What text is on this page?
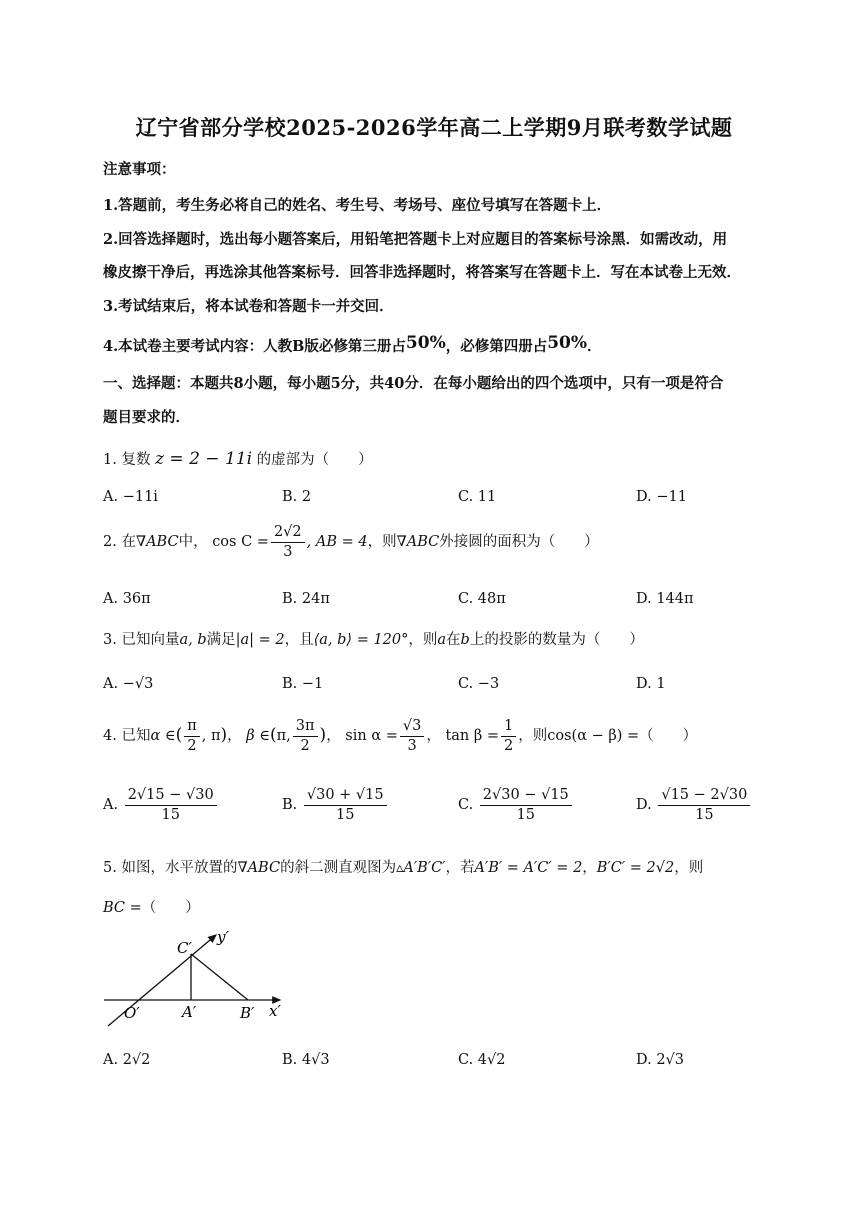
辽宁省部分学校2025-2026学年高二上学期9月联考数学试题
注意事项：
1.答题前，考生务必将自己的姓名、考生号、考场号、座位号填写在答题卡上．
2.回答选择题时，选出每小题答案后，用铅笔把答题卡上对应题目的答案标号涂黑．如需改动，用
橡皮擦干净后，再选涂其他答案标号．回答非选择题时，将答案写在答题卡上．写在本试卷上无效．
3.考试结束后，将本试卷和答题卡一并交回．
4.本试卷主要考试内容：人教B版必修第三册占50%，必修第四册占50%．
一、选择题：本题共8小题，每小题5分，共40分．在每小题给出的四个选项中，只有一项是符合
题目要求的．
1. 复数 z = 2 − 11i 的虚部为（　　）
A. −11i	B. 2	C. 11	D. −11
2. 在∇ABC中， $\cos C = \frac{2√2}{3}$ , AB = 4，则∇ABC外接圆的面积为（　　）
A. 36π	B. 24π	C. 48π	D. 144π
3. 已知向量a, b满足|a| = 2，且⟨a, b⟩ = 120°，则a在b上的投影的数量为（　　）
A. −√3	B. −1	C. −3	D. 1
4. 已知α ∈( $\frac{\pi}{2}$ , π)， β ∈(π, $\frac{3\pi}{2}$ )， $\sin \alpha = \frac{√3}{3}$ ， $\tan \beta = \frac{1}{2}$ ，则cos(α − β) =（　　）
A. $\frac{2√15 - √30}{15}$	B. $\frac{√30 + √15}{15}$	C. $\frac{2√30 - √15}{15}$	D. $\frac{√15 - 2√30}{15}$
5. 如图，水平放置的∇ABC的斜二测直观图为▵A′B′C′，若A′B′ = A′C′ = 2，B′C′ = 2√2，则
BC =（　　）
C′
y′
O′	A′	B′ x′
A. 2√2	B. 4√3	C. 4√2	D. 2√3
